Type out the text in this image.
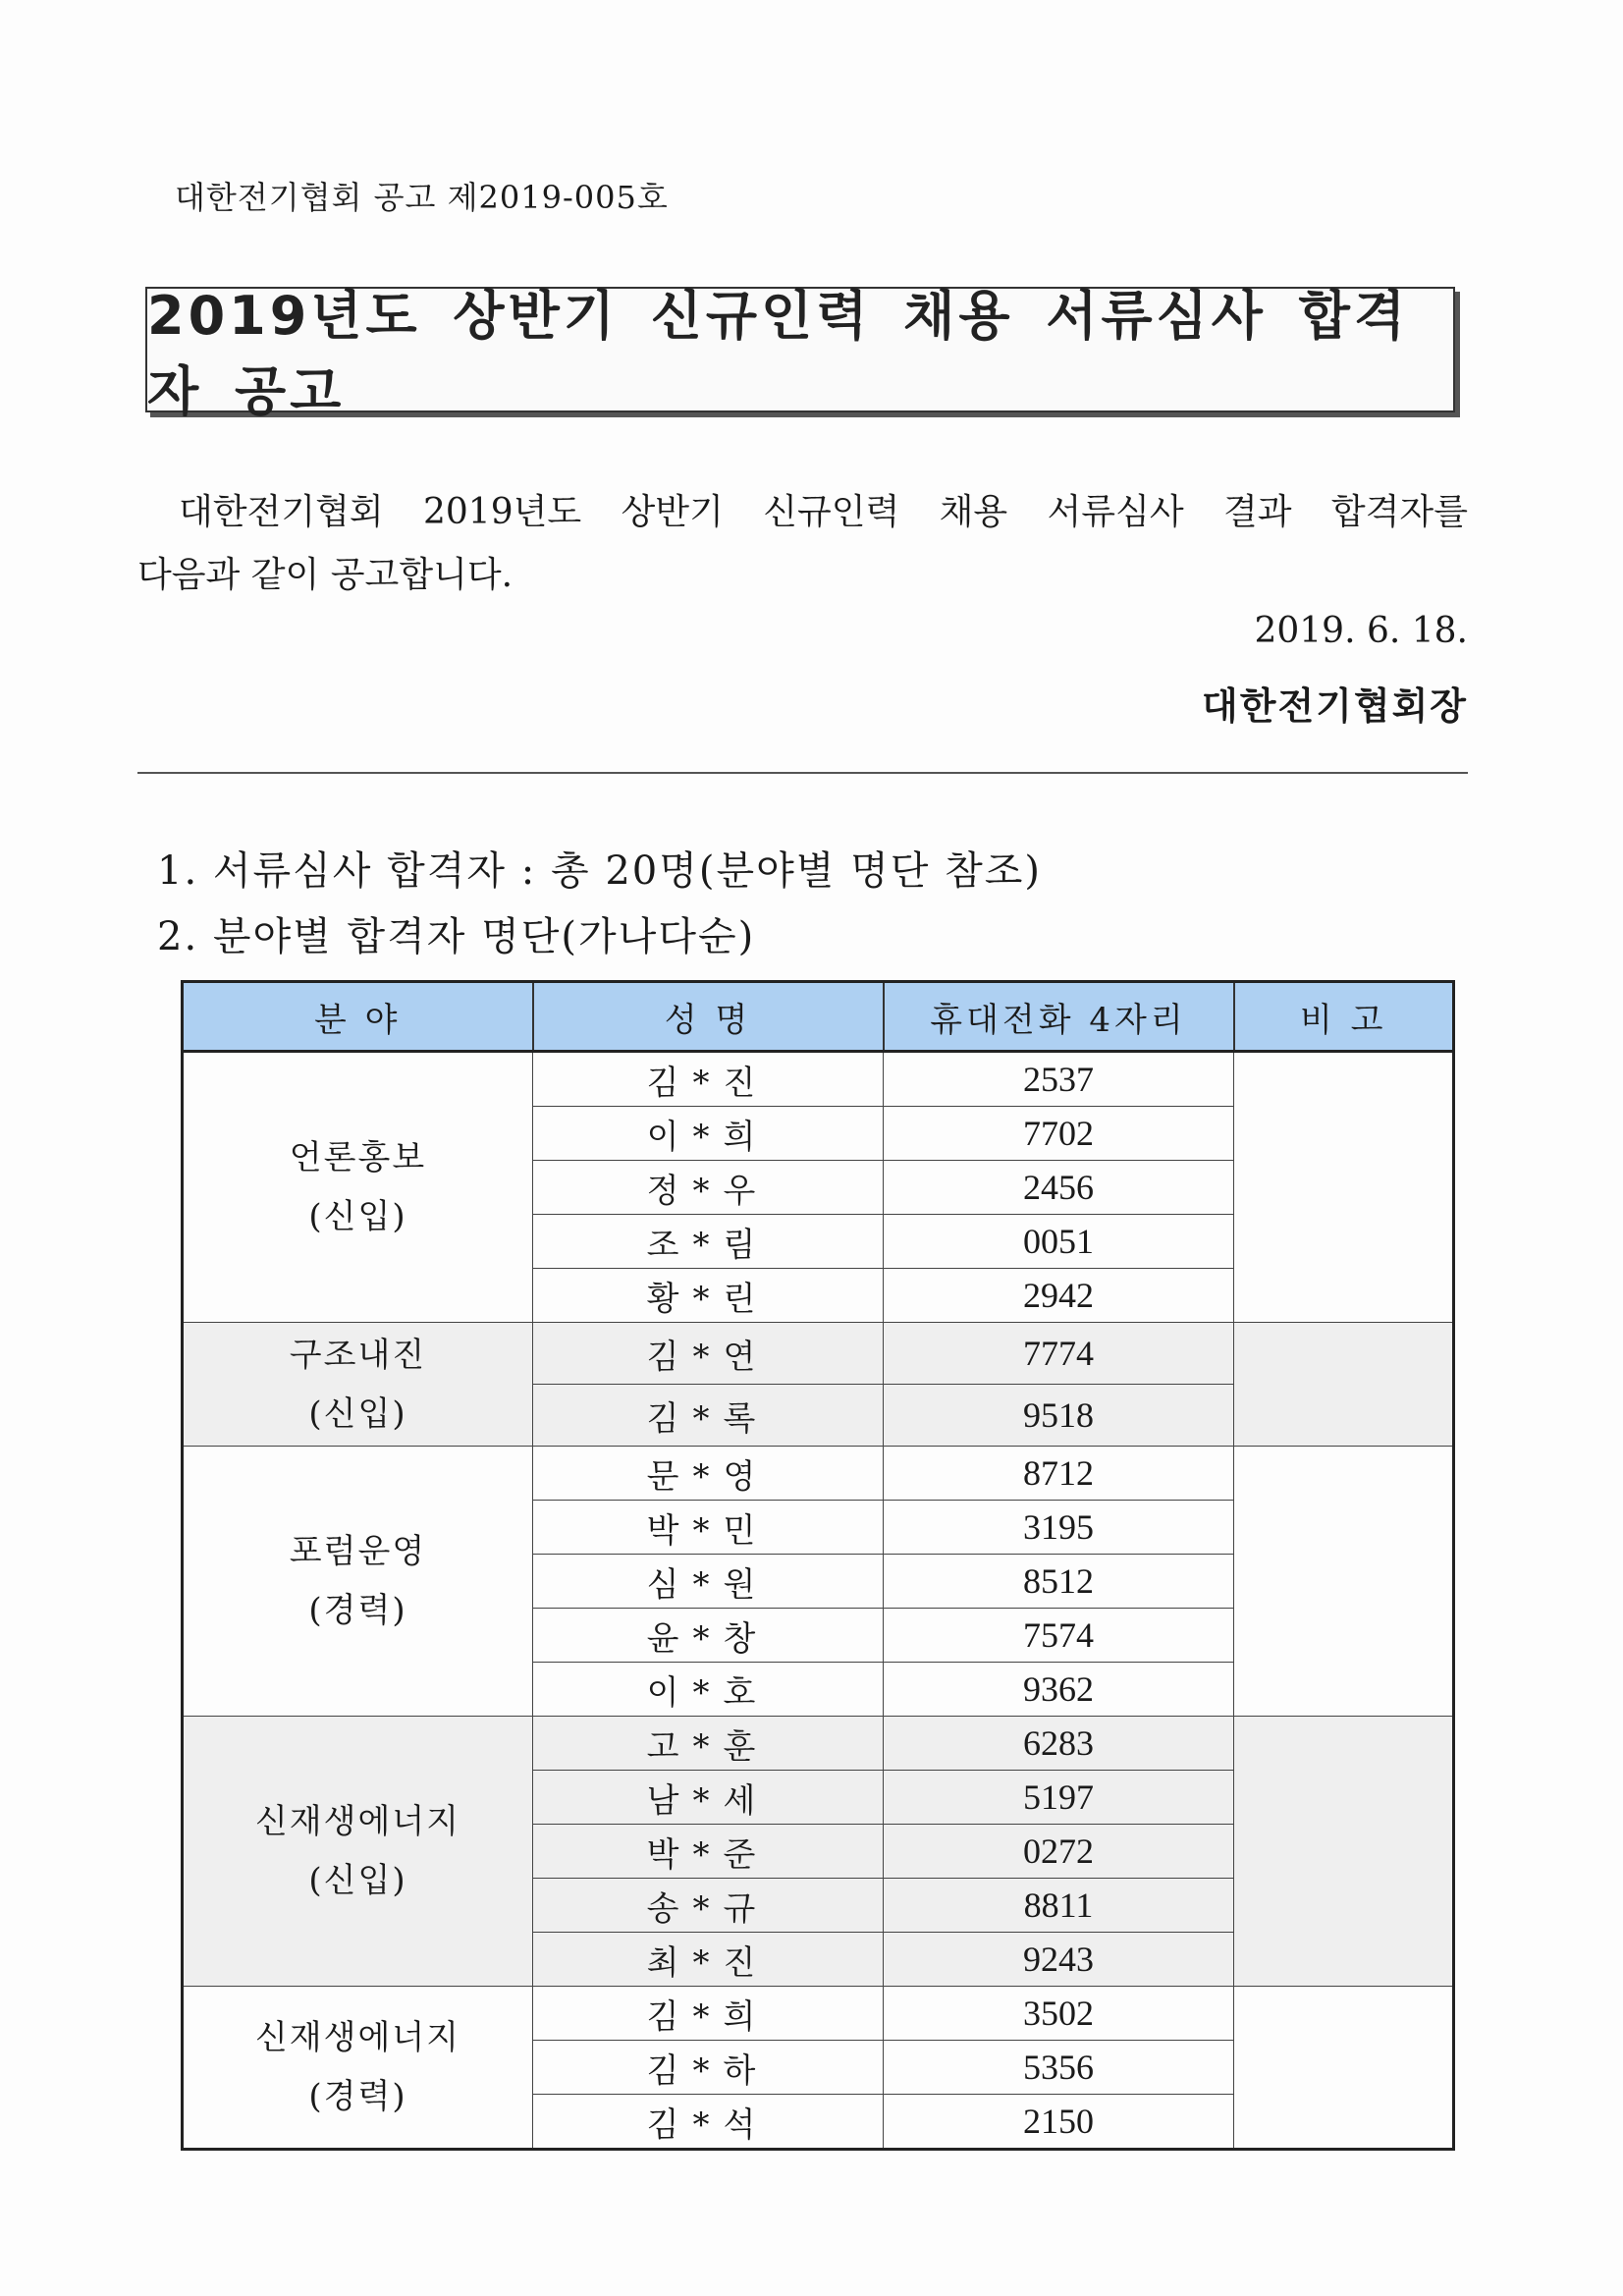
대한전기협회 공고 제2019-005호
2019년도 상반기 신규인력 채용 서류심사 합격자 공고
대한전기협회 2019년도 상반기 신규인력 채용 서류심사 결과 합격자를
다음과 같이 공고합니다.
2019. 6. 18.
대한전기협회장
1. 서류심사 합격자 : 총 20명(분야별 명단 참조)
2. 분야별 합격자 명단(가나다순)
분 야	성 명	휴대전화 4자리	비 고

언론홍보
(신입)	김*진	2537	
	이*희	7702	
	정*우	2456	
	조*림	0051	
	황*린	2942	

구조내진
(신입)	김*연	7774	
	김*록	9518	

포럼운영
(경력)	문*영	8712	
	박*민	3195	
	심*원	8512	
	윤*창	7574	
	이*호	9362	

신재생에너지
(신입)	고*훈	6283	
	남*세	5197	
	박*준	0272	
	송*규	8811	
	최*진	9243	

신재생에너지
(경력)	김*희	3502	
	김*하	5356	
	김*석	2150	
